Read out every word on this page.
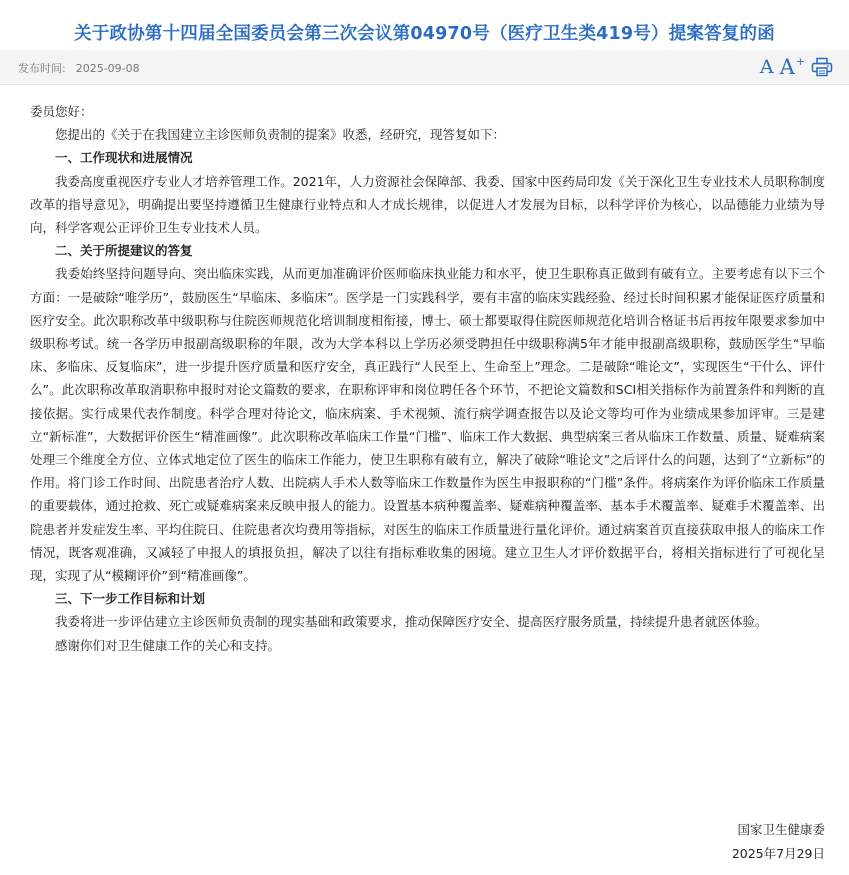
关于政协第十四届全国委员会第三次会议第04970号（医疗卫生类419号）提案答复的函
发布时间: 2025-09-08	A A+

委员您好：

您提出的《关于在我国建立主诊医师负责制的提案》收悉，经研究，现答复如下：

一、工作现状和进展情况

我委高度重视医疗专业人才培养管理工作。2021年，人力资源社会保障部、我委、国家中医药局印发《关于深化卫生专业技术人员职称制度改革的指导意见》，明确提出要坚持遵循卫生健康行业特点和人才成长规律，以促进人才发展为目标，以科学评价为核心，以品德能力业绩为导向，科学客观公正评价卫生专业技术人员。

二、关于所提建议的答复

我委始终坚持问题导向、突出临床实践，从而更加准确评价医师临床执业能力和水平，使卫生职称真正做到有破有立。主要考虑有以下三个方面：一是破除“唯学历”，鼓励医生“早临床、多临床”。医学是一门实践科学，要有丰富的临床实践经验、经过长时间积累才能保证医疗质量和医疗安全。此次职称改革中级职称与住院医师规范化培训制度相衔接，博士、硕士都要取得住院医师规范化培训合格证书后再按年限要求参加中级职称考试。统一各学历申报副高级职称的年限，改为大学本科以上学历必须受聘担任中级职称满5年才能申报副高级职称，鼓励医学生“早临床、多临床、反复临床”，进一步提升医疗质量和医疗安全，真正践行“人民至上、生命至上”理念。二是破除“唯论文”，实现医生“干什么、评什么”。此次职称改革取消职称申报时对论文篇数的要求，在职称评审和岗位聘任各个环节，不把论文篇数和SCI相关指标作为前置条件和判断的直接依据。实行成果代表作制度。科学合理对待论文，临床病案、手术视频、流行病学调查报告以及论文等均可作为业绩成果参加评审。三是建立“新标准”，大数据评价医生“精准画像”。此次职称改革临床工作量“门槛”、临床工作大数据、典型病案三者从临床工作数量、质量、疑难病案处理三个维度全方位、立体式地定位了医生的临床工作能力，使卫生职称有破有立，解决了破除“唯论文”之后评什么的问题，达到了“立新标”的作用。将门诊工作时间、出院患者治疗人数、出院病人手术人数等临床工作数量作为医生申报职称的“门槛”条件。将病案作为评价临床工作质量的重要载体，通过抢救、死亡或疑难病案来反映申报人的能力。设置基本病种覆盖率、疑难病种覆盖率、基本手术覆盖率、疑难手术覆盖率、出院患者并发症发生率、平均住院日、住院患者次均费用等指标，对医生的临床工作质量进行量化评价。通过病案首页直接获取申报人的临床工作情况，既客观准确，又减轻了申报人的填报负担，解决了以往有指标难收集的困境。建立卫生人才评价数据平台，将相关指标进行了可视化呈现，实现了从“模糊评价”到“精准画像”。

三、下一步工作目标和计划

我委将进一步评估建立主诊医师负责制的现实基础和政策要求，推动保障医疗安全、提高医疗服务质量，持续提升患者就医体验。

感谢你们对卫生健康工作的关心和支持。

国家卫生健康委
2025年7月29日
